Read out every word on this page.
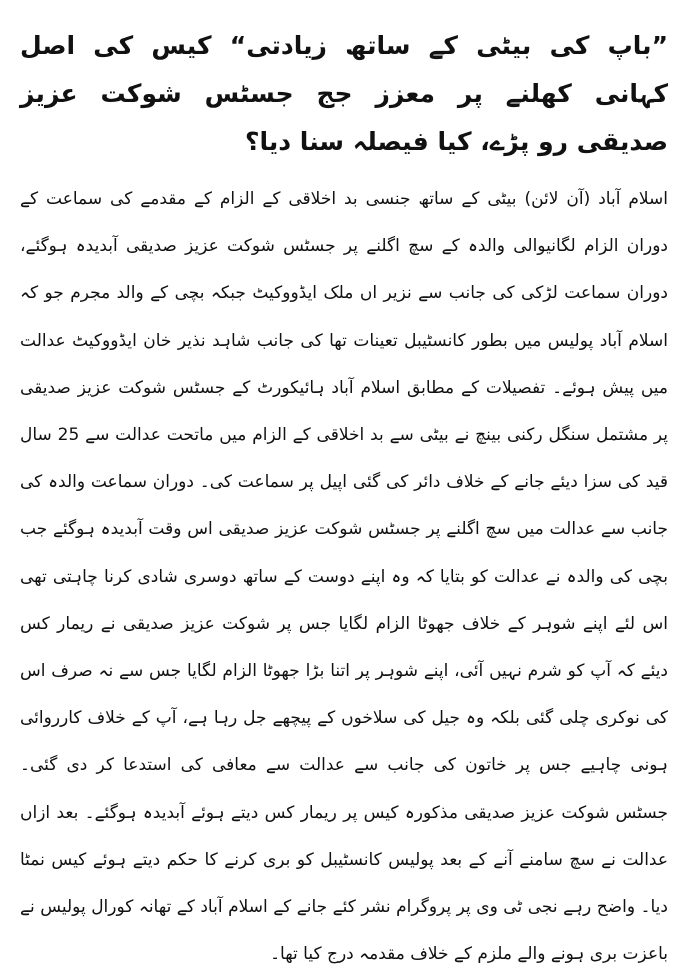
”باپ کی بیٹی کے ساتھ زیادتی“ کیس کی اصل کہانی کھلنے پر معزز جج جسٹس شوکت عزیز صدیقی رو پڑے، کیا فیصلہ سنا دیا؟

اسلام آباد (آن لائن) بیٹی کے ساتھ جنسی بد اخلاقی کے الزام کے مقدمے کی سماعت کے دوران الزام لگانیوالی والدہ کے سچ اگلنے پر جسٹس شوکت عزیز صدیقی آبدیدہ ہوگئے، دوران سماعت لڑکی کی جانب سے نزیر اں ملک ایڈووکیٹ جبکہ بچی کے والد مجرم جو کہ اسلام آباد پولیس میں بطور کانسٹیبل تعینات تھا کی جانب شاہد نذیر خان ایڈووکیٹ عدالت میں پیش ہوئے۔ تفصیلات کے مطابق اسلام آباد ہائیکورٹ کے جسٹس شوکت عزیز صدیقی پر مشتمل سنگل رکنی بینچ نے بیٹی سے بد اخلاقی کے الزام میں ماتحت عدالت سے 25 سال قید کی سزا دیئے جانے کے خلاف دائر کی گئی اپیل پر سماعت کی۔ دوران سماعت والدہ کی جانب سے عدالت میں سچ اگلنے پر جسٹس شوکت عزیز صدیقی اس وقت آبدیدہ ہوگئے جب بچی کی والدہ نے عدالت کو بتایا کہ وہ اپنے دوست کے ساتھ دوسری شادی کرنا چاہتی تھی اس لئے اپنے شوہر کے خلاف جھوٹا الزام لگایا جس پر شوکت عزیز صدیقی نے ریمار کس دیئے کہ آپ کو شرم نہیں آئی، اپنے شوہر پر اتنا بڑا جھوٹا الزام لگایا جس سے نہ صرف اس کی نوکری چلی گئی بلکہ وہ جیل کی سلاخوں کے پیچھے جل رہا ہے، آپ کے خلاف کارروائی ہونی چاہیے جس پر خاتون کی جانب سے عدالت سے معافی کی استدعا کر دی گئی۔ جسٹس شوکت عزیز صدیقی مذکورہ کیس پر ریمار کس دیتے ہوئے آبدیدہ ہوگئے۔ بعد ازاں عدالت نے سچ سامنے آنے کے بعد پولیس کانسٹیبل کو بری کرنے کا حکم دیتے ہوئے کیس نمٹا دیا۔ واضح رہے نجی ٹی وی پر پروگرام نشر کئے جانے کے اسلام آباد کے تھانہ کورال پولیس نے باعزت بری ہونے والے ملزم کے خلاف مقدمہ درج کیا تھا۔
